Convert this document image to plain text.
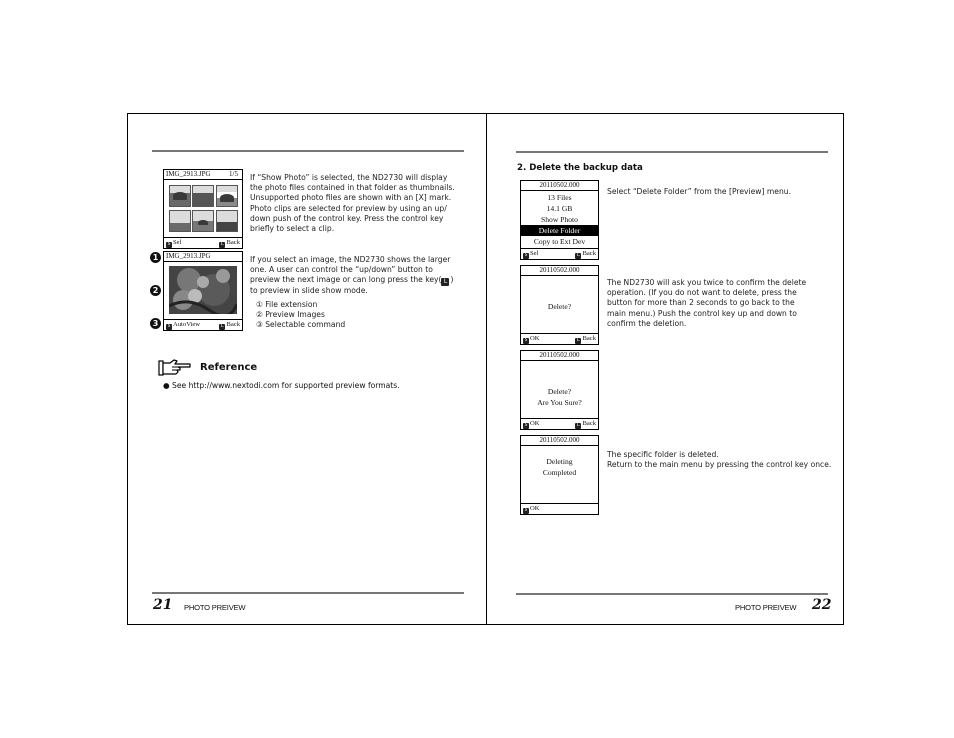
IMG_2913.JPG	1/5
S Sel	L Back
If “Show Photo” is selected, the ND2730 will display
the photo files contained in that folder as thumbnails.
Unsupported photo files are shown with an [X] mark.
Photo clips are selected for preview by using an up/
down push of the control key. Press the control key
briefly to select a clip.
IMG_2913.JPG
S AutoView	L Back
1
2
3
If you select an image, the ND2730 shows the larger
one. A user can control the “up/down” button to
preview the next image or can long press the key( L )
to preview in slide show mode.
① File extension
② Preview Images
③ Selectable command
Reference
● See http://www.nextodi.com for supported preview formats.
21 PHOTO PREIVEW
2. Delete the backup data
20110502.000
13 Files
14.1 GB
Show Photo
Delete Folder
Copy to Ext Dev
S Sel	L Back
Select “Delete Folder” from the [Preview] menu.
20110502.000
Delete?
S OK	L Back
The ND2730 will ask you twice to confirm the delete
operation. (If you do not want to delete, press the
button for more than 2 seconds to go back to the
main menu.) Push the control key up and down to
confirm the deletion.
20110502.000
Delete?
Are You Sure?
S OK	L Back
20110502.000
Deleting
Completed
S OK
The specific folder is deleted.
Return to the main menu by pressing the control key once.
PHOTO PREIVEW 22
